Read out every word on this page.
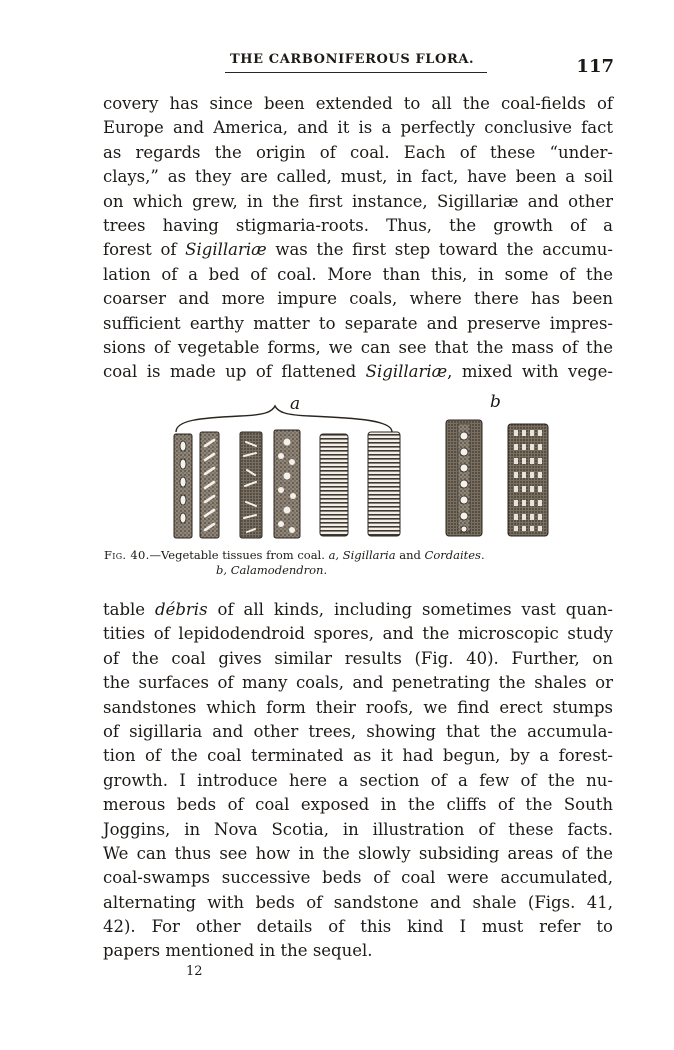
THE CARBONIFEROUS FLORA.	117
covery has since been extended to all the coal-fields of
Europe and America, and it is a perfectly conclusive fact
as regards the origin of coal. Each of these “under-
clays,” as they are called, must, in fact, have been a soil
on which grew, in the first instance, Sigillariæ and other
trees having stigmaria-roots. Thus, the growth of a
forest of Sigillariæ was the first step toward the accumu-
lation of a bed of coal. More than this, in some of the
coarser and more impure coals, where there has been
sufficient earthy matter to separate and preserve impres-
sions of vegetable forms, we can see that the mass of the
coal is made up of flattened Sigillariæ, mixed with vege-
a	b
Fig. 40.—Vegetable tissues from coal. a, Sigillaria and Cordaites.
b, Calamodendron.
table débris of all kinds, including sometimes vast quan-
tities of lepidodendroid spores, and the microscopic study
of the coal gives similar results (Fig. 40). Further, on
the surfaces of many coals, and penetrating the shales or
sandstones which form their roofs, we find erect stumps
of sigillaria and other trees, showing that the accumula-
tion of the coal terminated as it had begun, by a forest-
growth. I introduce here a section of a few of the nu-
merous beds of coal exposed in the cliffs of the South
Joggins, in Nova Scotia, in illustration of these facts.
We can thus see how in the slowly subsiding areas of the
coal-swamps successive beds of coal were accumulated,
alternating with beds of sandstone and shale (Figs. 41,
42). For other details of this kind I must refer to
papers mentioned in the sequel.
12
